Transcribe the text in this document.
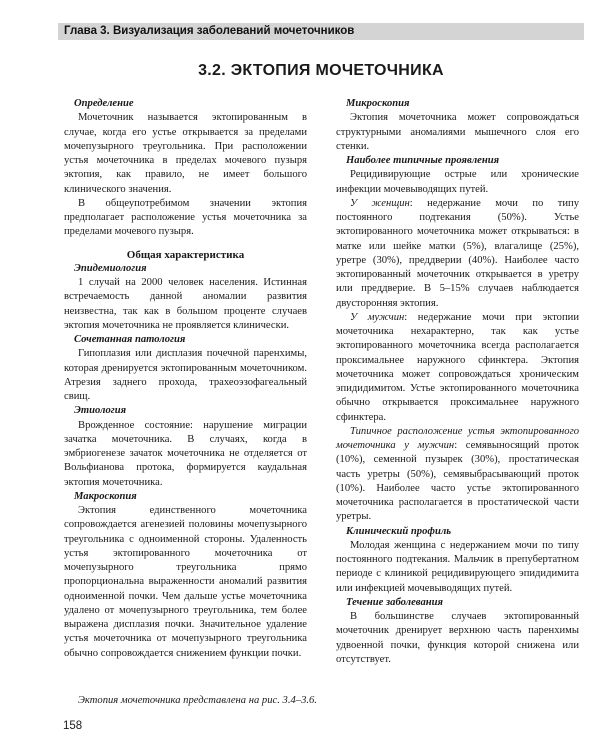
Глава 3. Визуализация заболеваний мочеточников
3.2. ЭКТОПИЯ МОЧЕТОЧНИКА

Определение

Мочеточник называется эктопированным в случае, когда его устье открывается за пределами мочепузырного треугольника. При расположении устья мочеточника в пределах мочевого пузыря эктопия, как правило, не имеет большого клинического значения.

В общеупотребимом значении эктопия предполагает расположение устья мочеточника за пределами мочевого пузыря.

Общая характеристика

Эпидемиология

1 случай на 2000 человек населения. Истинная встречаемость данной аномалии развития неизвестна, так как в большом проценте случаев эктопия мочеточника не проявляется клинически.

Сочетанная патология

Гипоплазия или дисплазия почечной паренхимы, которая дренируется эктопированным мочеточником. Атрезия заднего прохода, трахеоэзофагеальный свищ.

Этиология

Врожденное состояние: нарушение миграции зачатка мочеточника. В случаях, когда в эмбриогенезе зачаток мочеточника не отделяется от Вольфианова протока, формируется каудальная эктопия мочеточника.

Макроскопия

Эктопия единственного мочеточника сопровождается агенезией половины мочепузырного треугольника с одноименной стороны. Удаленность устья эктопированного мочеточника от мочепузырного треугольника прямо пропорциональна выраженности аномалий развития одноименной почки. Чем дальше устье мочеточника удалено от мочепузырного треугольника, тем более выражена дисплазия почки. Значительное удаление устья мочеточника от мочепузырного треугольника обычно сопровождается снижением функции почки.

Микроскопия

Эктопия мочеточника может сопровождаться структурными аномалиями мышечного слоя его стенки.

Наиболее типичные проявления

Рецидивирующие острые или хронические инфекции мочевыводящих путей.

У женщин: недержание мочи по типу постоянного подтекания (50%). Устье эктопированного мочеточника может открываться: в матке или шейке матки (5%), влагалище (25%), уретре (30%), преддверии (40%). Наиболее часто эктопированный мочеточник открывается в уретру или преддверие. В 5–15% случаев наблюдается двусторонняя эктопия.

У мужчин: недержание мочи при эктопии мочеточника нехарактерно, так как устье эктопированного мочеточника всегда располагается проксимальнее наружного сфинктера. Эктопия мочеточника может сопровождаться хроническим эпидидимитом. Устье эктопированного мочеточника обычно открывается проксимальнее наружного сфинктера.

Типичное расположение устья эктопированного мочеточника у мужчин: семявыносящий проток (10%), семенной пузырек (30%), простатическая часть уретры (50%), семявыбрасывающий проток (10%). Наиболее часто устье эктопированного мочеточника располагается в простатической части уретры.

Клинический профиль

Молодая женщина с недержанием мочи по типу постоянного подтекания. Мальчик в препубертатном периоде с клиникой рецидивирующего эпидидимита или инфекцией мочевыводящих путей.

Течение заболевания

В большинстве случаев эктопированный мочеточник дренирует верхнюю часть паренхимы удвоенной почки, функция которой снижена или отсутствует.

Эктопия мочеточника представлена на рис. 3.4–3.6.
158
